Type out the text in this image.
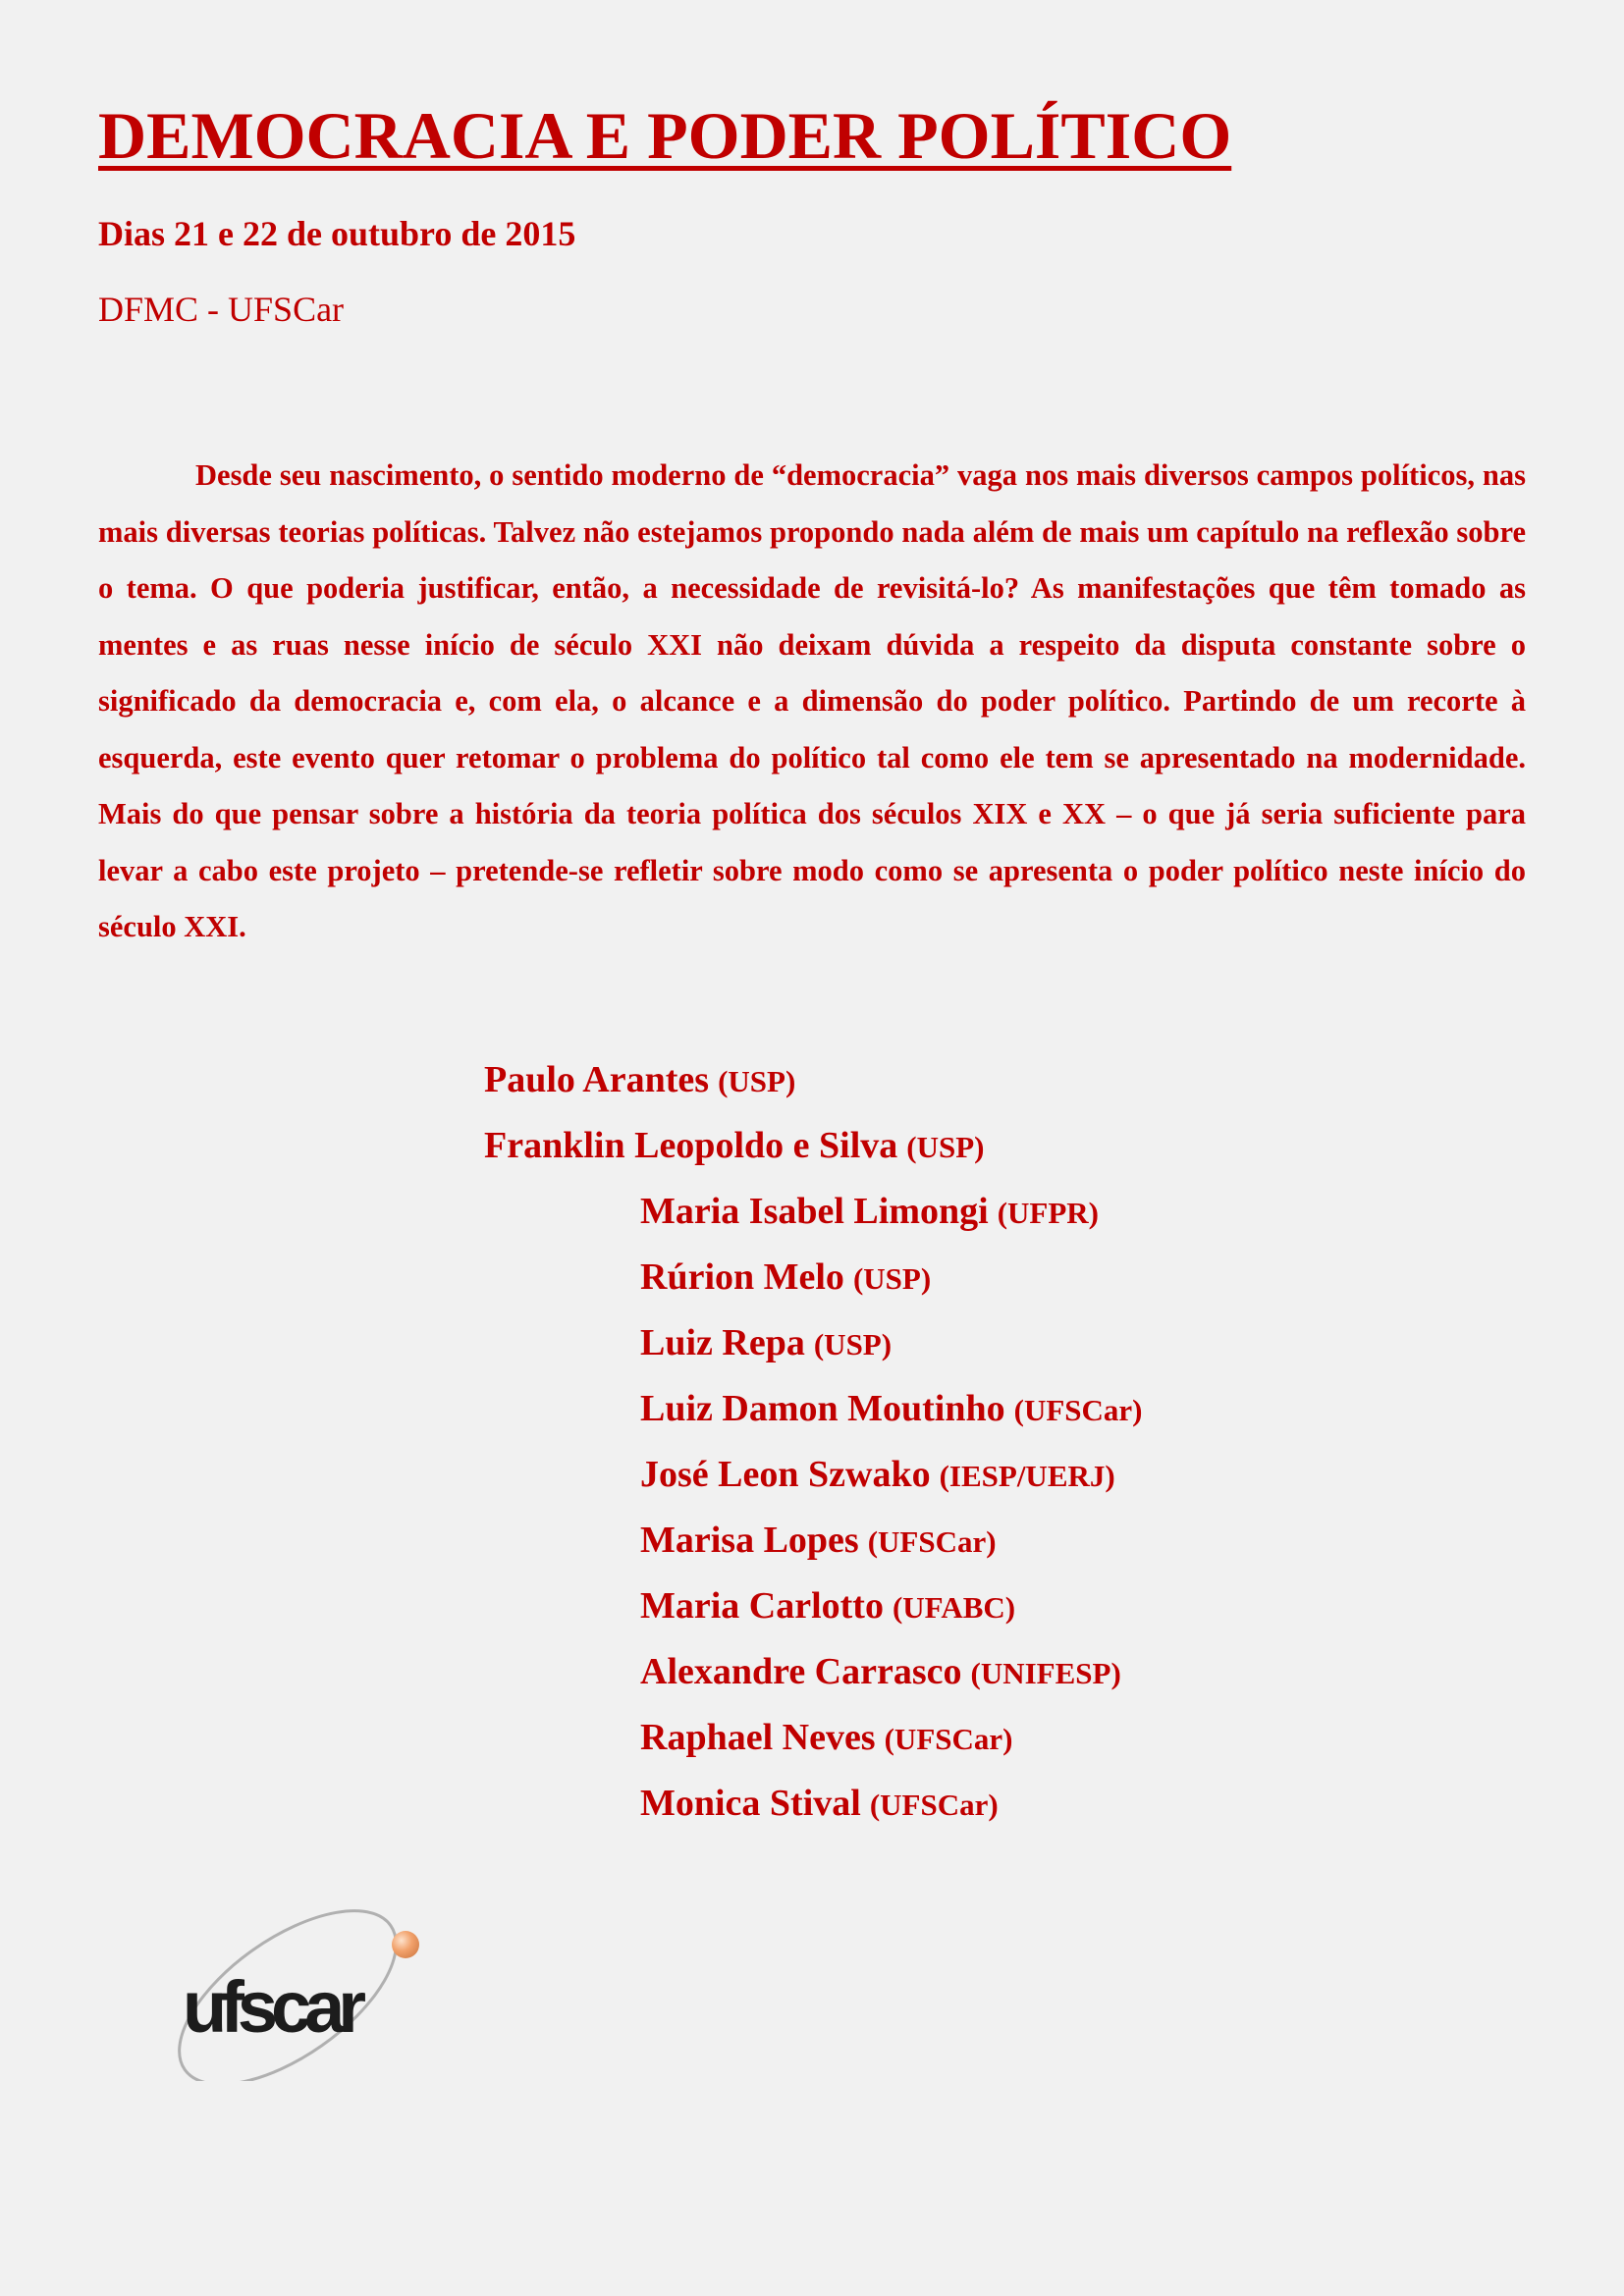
DEMOCRACIA E PODER POLÍTICO
Dias 21 e 22 de outubro de 2015
DFMC - UFSCar

Desde seu nascimento, o sentido moderno de “democracia” vaga nos mais diversos campos políticos, nas mais diversas teorias políticas. Talvez não estejamos propondo nada além de mais um capítulo na reflexão sobre o tema. O que poderia justificar, então, a necessidade de revisitá-lo? As manifestações que têm tomado as mentes e as ruas nesse início de século XXI não deixam dúvida a respeito da disputa constante sobre o significado da democracia e, com ela, o alcance e a dimensão do poder político. Partindo de um recorte à esquerda, este evento quer retomar o problema do político tal como ele tem se apresentado na modernidade. Mais do que pensar sobre a história da teoria política dos séculos XIX e XX – o que já seria suficiente para levar a cabo este projeto – pretende-se refletir sobre modo como se apresenta o poder político neste início do século XXI.

Paulo Arantes (USP)
Franklin Leopoldo e Silva (USP)
Maria Isabel Limongi (UFPR)
Rúrion Melo (USP)
Luiz Repa (USP)
Luiz Damon Moutinho (UFSCar)
José Leon Szwako (IESP/UERJ)
Marisa Lopes (UFSCar)
Maria Carlotto (UFABC)
Alexandre Carrasco (UNIFESP)
Raphael Neves (UFSCar)
Monica Stival (UFSCar)
ufscar
